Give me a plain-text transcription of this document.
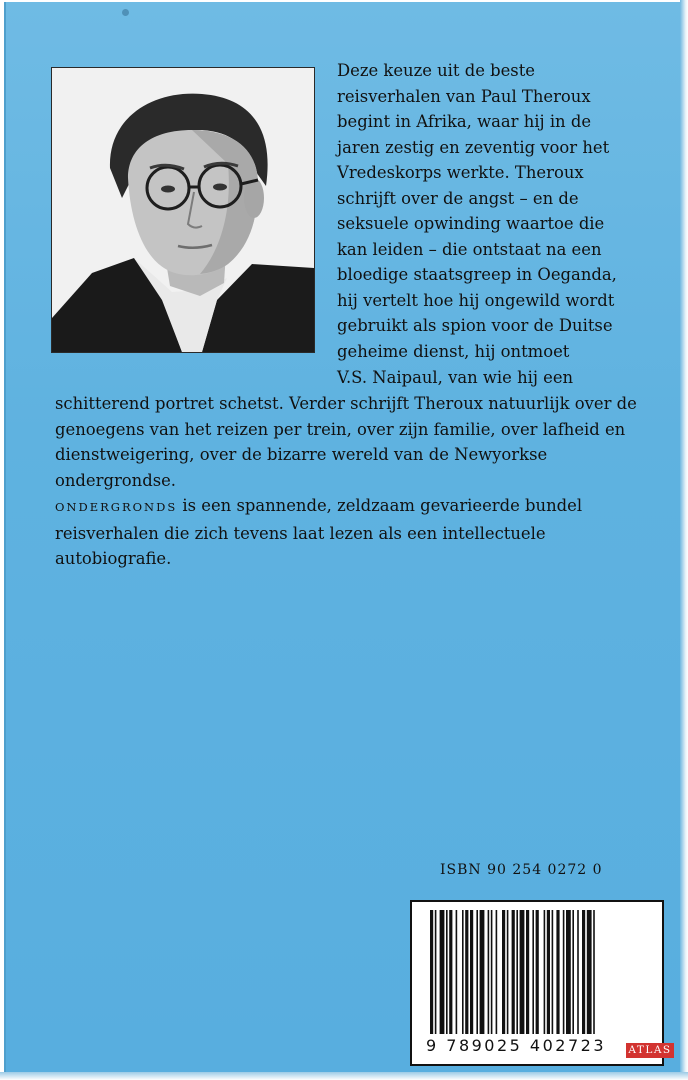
Deze keuze uit de beste
reisverhalen van Paul Theroux
begint in Afrika, waar hij in de
jaren zestig en zeventig voor het
Vredeskorps werkte. Theroux
schrijft over de angst – en de
seksuele opwinding waartoe die
kan leiden – die ontstaat na een
bloedige staatsgreep in Oeganda,
hij vertelt hoe hij ongewild wordt
gebruikt als spion voor de Duitse
geheime dienst, hij ontmoet
V.S. Naipaul, van wie hij een
schitterend portret schetst. Verder schrijft Theroux natuurlijk over de
genoegens van het reizen per trein, over zijn familie, over lafheid en
dienstweigering, over de bizarre wereld van de Newyorkse
ondergrondse.
ONDERGRONDS is een spannende, zeldzaam gevarieerde bundel
reisverhalen die zich tevens laat lezen als een intellectuele
autobiografie.
ISBN 90 254 0272 0
9 789025 402723 ATLAS
